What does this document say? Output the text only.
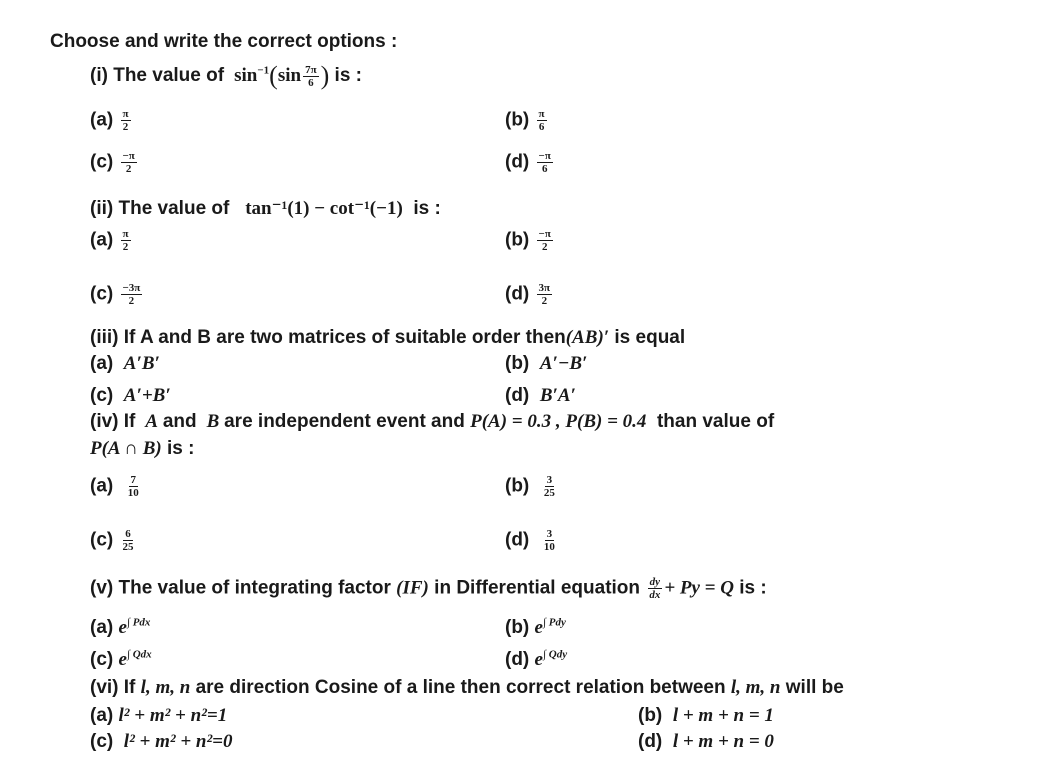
Choose and write the correct options :
(i) The value of  $\sin^{-1}(\sin \frac{7\pi}{6}$ ) is :
$(a) \frac{\pi}{2}$	$(b) \frac{\pi}{6}$
$(c) \frac{-\pi}{2}$	$(d) \frac{-\pi}{6}$
(ii) The value of tan⁻¹(1) − cot⁻¹(−1) is :
$(a) \frac{\pi}{2}$	$(b) \frac{-\pi}{2}$
$(c) \frac{-3\pi}{2}$	$(d) \frac{3\pi}{2}$
(iii) If A and B are two matrices of suitable order then(AB)′ is equal
(a) A′B′	(b) A′−B′
(c) A′+B′	(d) B′A′
(iv) If  A and  B are independent event and P(A) = 0.3 , P(B) = 0.4 than value of
P(A ∩ B) is :
$(a) \frac{7}{10}$	$(b) \frac{3}{25}$
$(c) \frac{6}{25}$	$(d) \frac{3}{10}$
(v) The value of integrating factor (IF) in Differential equation $\frac{dy}{dx} + Py = Q$ is :
(a) $e^{\int Pdx}$	(b) $e^{\int Pdy}$
(c) $e^{\int Qdx}$	(d) $e^{\int Qdy}$
(vi) If l, m, n are direction Cosine of a line then correct relation between l, m, n will be
(a) l² + m² + n²=1	(b) l + m + n = 1
(c) l² + m² + n²=0	(d) l + m + n = 0
